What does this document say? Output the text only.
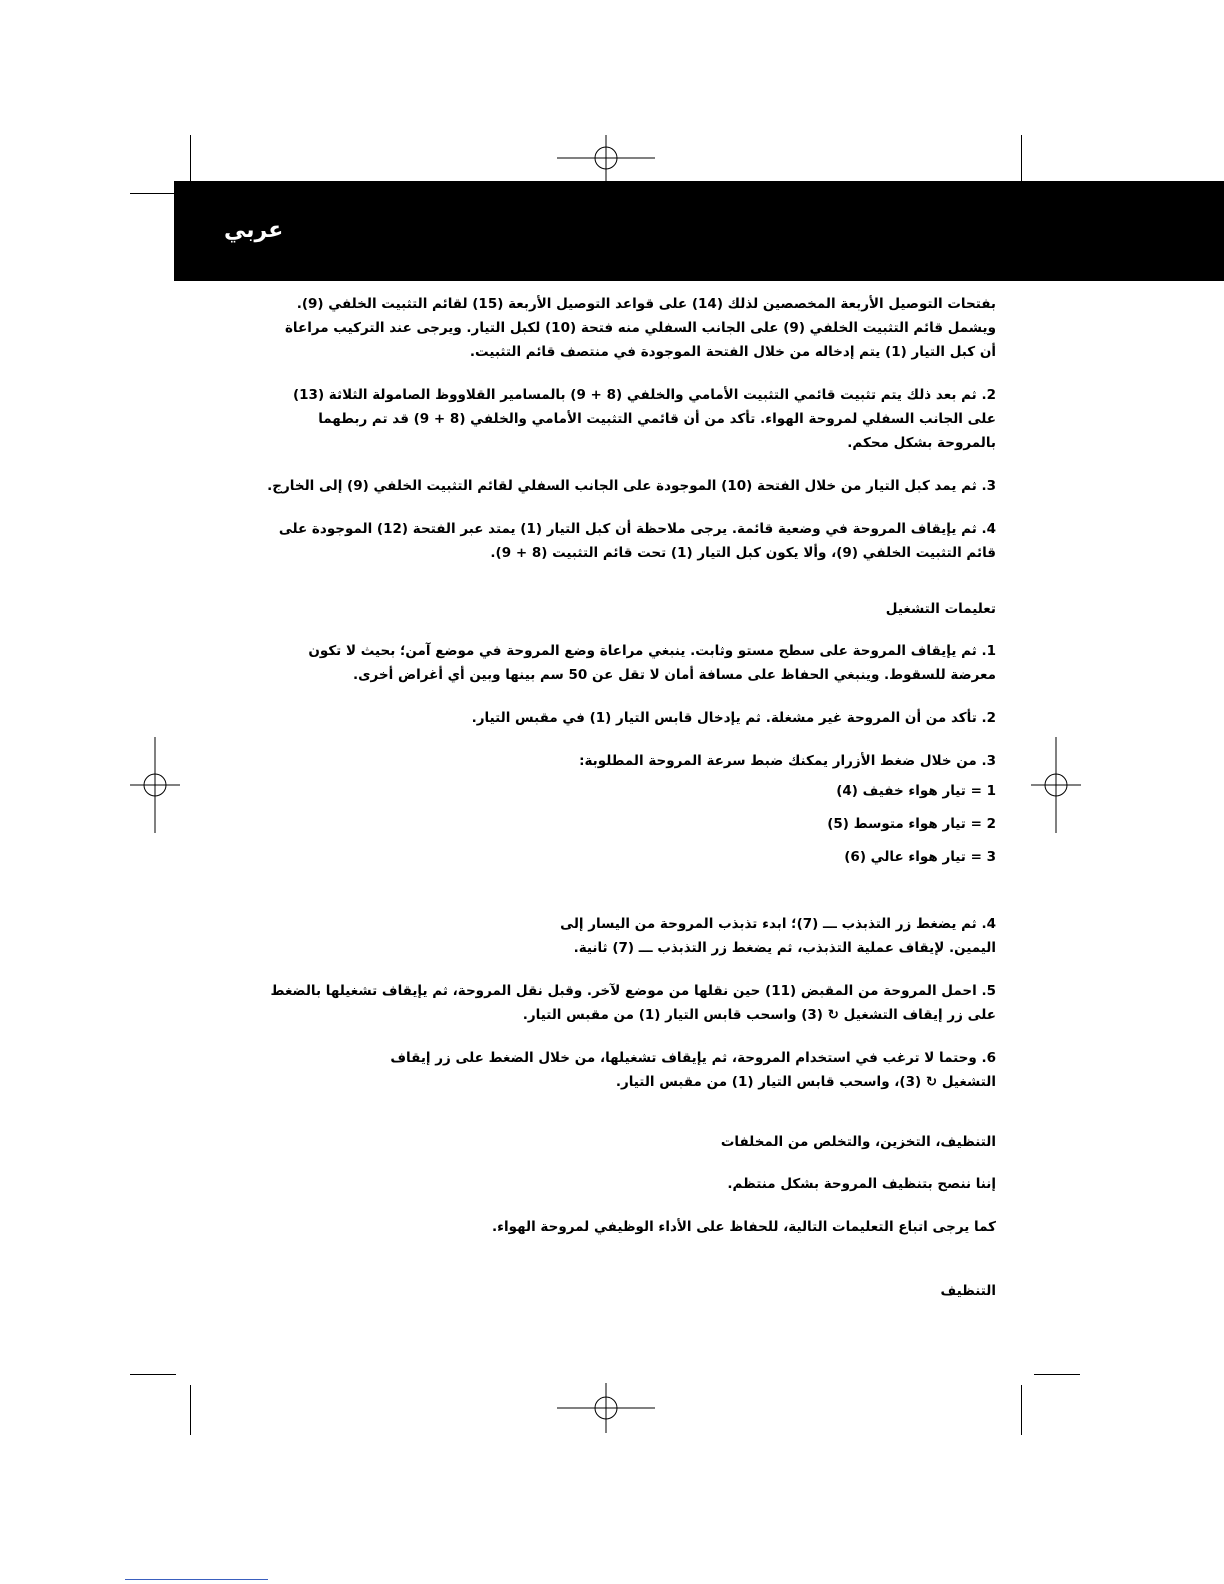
عربي

بفتحات التوصيل الأربعة المخصصين لذلك (14) على قواعد التوصيل الأربعة (15) لقائم التثبيت الخلفي (9). ويشمل قائم التثبيت الخلفي (9) على الجانب السفلي منه فتحة (10) لكبل التيار. ويرجى عند التركيب مراعاة أن كبل التيار (1) يتم إدخاله من خلال الفتحة الموجودة في منتصف قائم التثبيت.

2. ثم بعد ذلك يتم تثبيت قائمي التثبيت الأمامي والخلفي (8 + 9) بالمسامير القلاووظ الصامولة الثلاثة (13) على الجانب السفلي لمروحة الهواء. تأكد من أن قائمي التثبيت الأمامي والخلفي (8 + 9) قد تم ربطهما بالمروحة بشكل محكم.

3. ثم يمد كبل التيار من خلال الفتحة (10) الموجودة على الجانب السفلي لقائم التثبيت الخلفي (9) إلى الخارج.

4. ثم يإيقاف المروحة في وضعية قائمة. يرجى ملاحظة أن كبل التيار (1) يمتد عبر الفتحة (12) الموجودة على قائم التثبيت الخلفي (9)، وألا يكون كبل التيار (1) تحت قائم التثبيت (8 + 9).

تعليمات التشغيل

1. ثم يإيقاف المروحة على سطح مستو وثابت. ينبغي مراعاة وضع المروحة في موضع آمن؛ بحيث لا تكون معرضة للسقوط. وينبغي الحفاظ على مسافة أمان لا تقل عن 50 سم بينها وبين أي أغراض أخرى.

2. تأكد من أن المروحة غير مشغلة. ثم يإدخال قابس التيار (1) في مقبس التيار.

3. من خلال ضغط الأزرار يمكنك ضبط سرعة المروحة المطلوبة:

1 = تيار هواء خفيف (4)

2 = تيار هواء متوسط (5)

3 = تيار هواء عالي (6)

4. ثم يضغط زر التذبذب ـــ (7)؛ ابدء تذبذب المروحة من اليسار إلى اليمين. لإيقاف عملية التذبذب، ثم يضغط زر التذبذب ـــ (7) ثانية.

5. احمل المروحة من المقبض (11) حين نقلها من موضع لآخر. وقبل نقل المروحة، ثم يإيقاف تشغيلها بالضغط على زر إيقاف التشغيل ↻ (3) واسحب قابس التيار (1) من مقبس التيار.

6. وحتما لا ترغب في استخدام المروحة، ثم يإيقاف تشغيلها، من خلال الضغط على زر إيقاف التشغيل ↻ (3)، واسحب قابس التيار (1) من مقبس التيار.

التنظيف، التخزين، والتخلص من المخلفات

إننا ننصح بتنظيف المروحة بشكل منتظم.

كما يرجى اتباع التعليمات التالية، للحفاظ على الأداء الوظيفي لمروحة الهواء.

التنظيف
